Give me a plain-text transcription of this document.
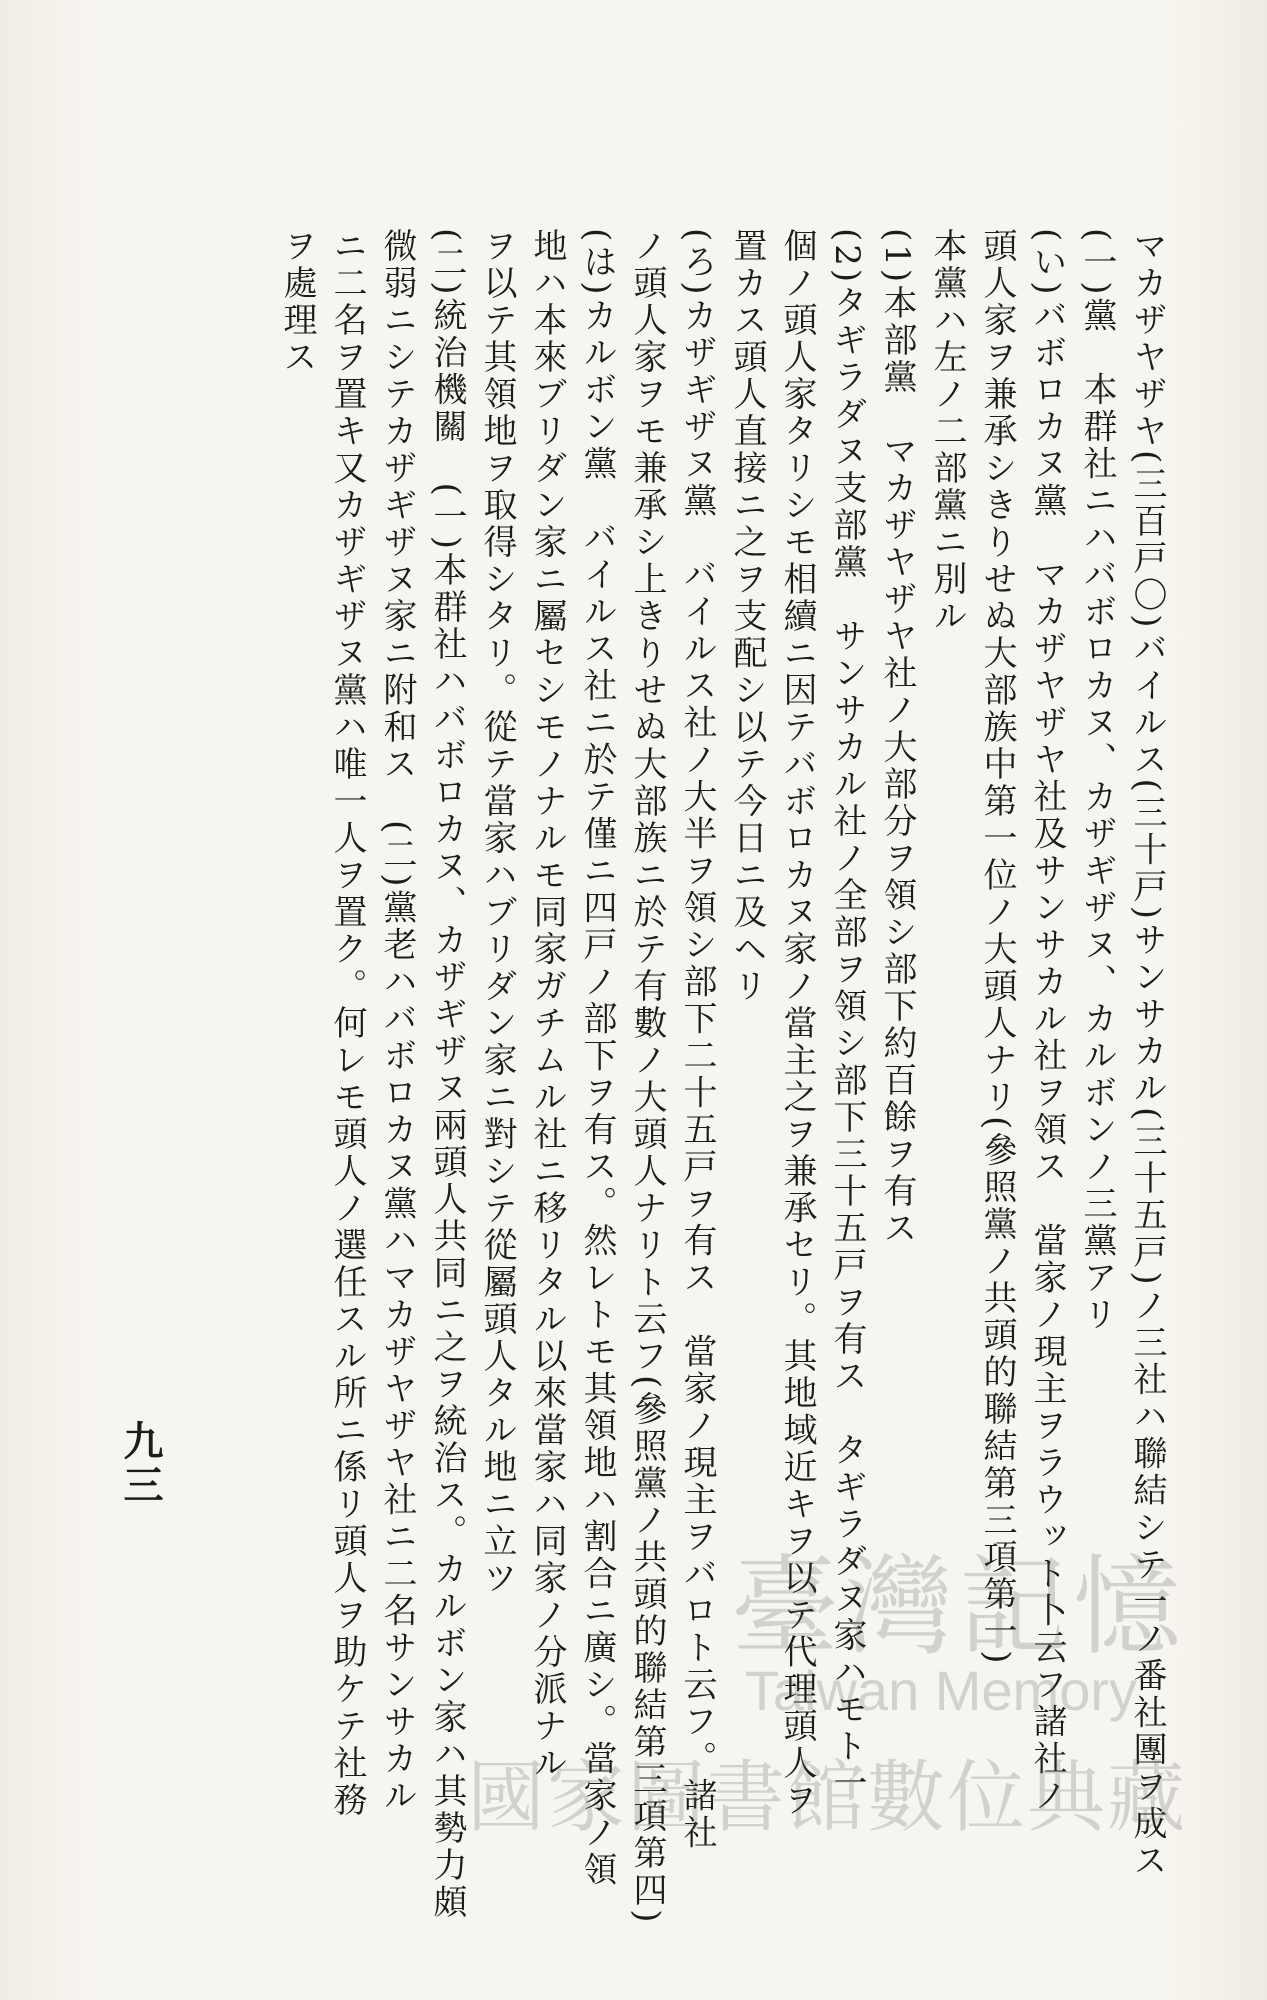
マカザヤザヤ(三百戸〇)バイルス(三十戸)サンサカル(三十五戸)ノ三社ハ聯結シテ一ノ番社團ヲ成ス
(一)黨　本群社ニハバボロカヌ、カザギザヌ、カルボンノ三黨アリ
(い)バボロカヌ黨　マカザヤザヤ社及サンサカル社ヲ領ス　當家ノ現主ヲラウット卜云フ諸社ノ
頭人家ヲ兼承シきりせぬ大部族中第一位ノ大頭人ナリ(參照黨ノ共頭的聯結第三項第一)
本黨ハ左ノ二部黨ニ別ル
(1)本部黨　マカザヤザヤ社ノ大部分ヲ領シ部下約百餘ヲ有ス
(2)タギラダヌ支部黨　サンサカル社ノ全部ヲ領シ部下三十五戸ヲ有ス　タギラダヌ家ハモト一
個ノ頭人家タリシモ相續ニ因テバボロカヌ家ノ當主之ヲ兼承セリ。其地域近キヲ以テ代理頭人ヲ
置カス頭人直接ニ之ヲ支配シ以テ今日ニ及ヘリ
(ろ)カザギザヌ黨　バイルス社ノ大半ヲ領シ部下二十五戸ヲ有ス　當家ノ現主ヲバロト云フ。諸社
ノ頭人家ヲモ兼承シ上きりせぬ大部族ニ於テ有數ノ大頭人ナリト云フ(參照黨ノ共頭的聯結第三項第四)
(は)カルボン黨　バイルス社ニ於テ僅ニ四戸ノ部下ヲ有ス。然レトモ其領地ハ割合ニ廣シ。當家ノ領
地ハ本來ブリダン家ニ屬セシモノナルモ同家ガチムル社ニ移リタル以來當家ハ同家ノ分派ナル
ヲ以テ其領地ヲ取得シタリ。從テ當家ハブリダン家ニ對シテ從屬頭人タル地ニ立ツ
(二)統治機關　(一)本群社ハバボロカヌ、カザギザヌ兩頭人共同ニ之ヲ統治ス。カルボン家ハ其勢力頗
微弱ニシテカザギザヌ家ニ附和ス　(二)黨老ハバボロカヌ黨ハマカザヤザヤ社ニ二名サンサカル
ニ二名ヲ置キ又カザギザヌ黨ハ唯一人ヲ置ク。何レモ頭人ノ選任スル所ニ係リ頭人ヲ助ケテ社務
ヲ處理ス
九三
臺灣記憶
Taiwan Memory
國家圖書館數位典藏
